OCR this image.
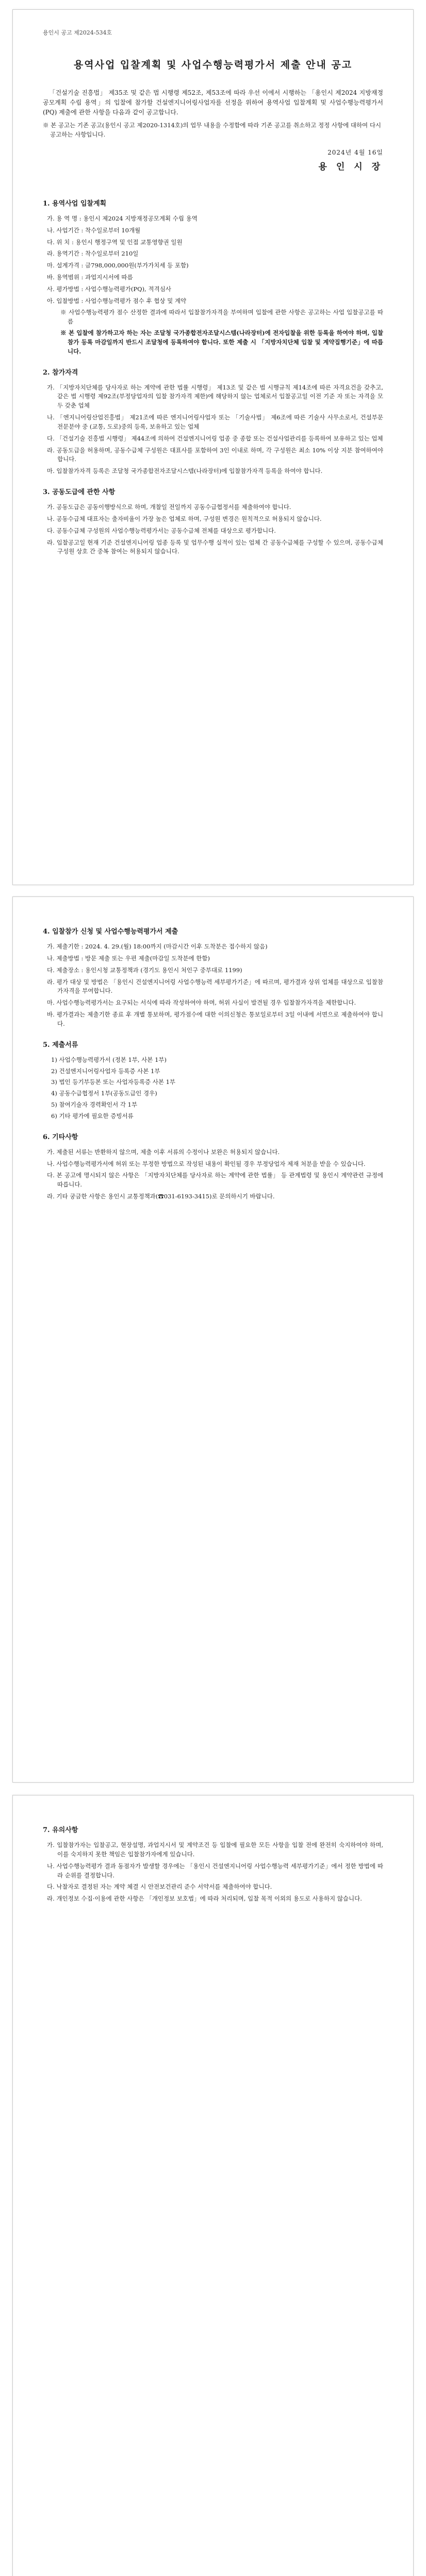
용인시 공고 제2024-534호
용역사업 입찰계획 및 사업수행능력평가서 제출 안내 공고

「건설기술 진흥법」 제35조 및 같은 법 시행령 제52조, 제53조에 따라 우선 이에서 시행하는 「용인시 제2024 지방재정공모계획 수립 용역」의 입찰에 참가할 건설엔지니어링사업자를 선정을 위하여 용역사업 입찰계획 및 사업수행능력평가서(PQ) 제출에 관한 사항을 다음과 같이 공고합니다.

※ 본 공고는 기존 공고(용인시 공고 제2020-1314호)의 업무 내용을 수정함에 따라 기존 공고를 취소하고 정정 사항에 대하여 다시 공고하는 사항입니다.

2024년 4월 16일
용 인 시 장
1. 용역사업 입찰계획
가. 용 역 명 : 용인시 제2024 지방재정공모계획 수립 용역
나. 사업기간 : 착수일로부터 10개월
다. 위 치 : 용인시 행정구역 및 인접 교통영향권 일원
라. 용역기간 : 착수일로부터 210일
마. 설계가격 : 금798,000,000원(부가가치세 등 포함)
바. 용역범위 : 과업지시서에 따름
사. 평가방법 : 사업수행능력평가(PQ), 적격심사
아. 입찰방법 : 사업수행능력평가 점수 후 협상 및 계약
※ 사업수행능력평가 점수 산정한 결과에 따라서 입찰참가자격을 부여하며 입찰에 관한 사항은 공고하는 사업 입찰공고를 따름
※ 본 입찰에 참가하고자 하는 자는 조달청 국가종합전자조달시스템(나라장터)에 전자입찰을 위한 등록을 하여야 하며, 입찰참가 등록 마감일까지 반드시 조달청에 등록하여야 합니다. 또한 제출 시 「지방자치단체 입찰 및 계약집행기준」에 따릅니다.
2. 참가자격
가. 「지방자치단체를 당사자로 하는 계약에 관한 법률 시행령」 제13조 및 같은 법 시행규칙 제14조에 따른 자격요건을 갖추고, 같은 법 시행령 제92조(부정당업자의 입찰 참가자격 제한)에 해당하지 않는 업체로서 입찰공고일 이전 기준 자 또는 자격을 모두 갖춘 업체
나. 「엔지니어링산업진흥법」 제21조에 따른 엔지니어링사업자 또는 「기술사법」 제6조에 따른 기술사 사무소로서, 건설부문 전문분야 중 (교통, 도로)중의 등록, 보유하고 있는 업체
다. 「건설기술 진흥법 시행령」 제44조에 의하여 건설엔지니어링 업종 중 종합 또는 건설사업관리를 등록하여 보유하고 있는 업체
라. 공동도급을 허용하며, 공동수급체 구성원은 대표사를 포함하여 3인 이내로 하며, 각 구성원은 최소 10% 이상 지분 참여하여야 합니다.
마. 입찰참가자격 등록은 조달청 국가종합전자조달시스템(나라장터)에 입찰참가자격 등록을 하여야 합니다.
3. 공동도급에 관한 사항
가. 공동도급은 공동이행방식으로 하며, 개찰일 전일까지 공동수급협정서를 제출하여야 합니다.
나. 공동수급체 대표자는 출자비율이 가장 높은 업체로 하며, 구성원 변경은 원칙적으로 허용되지 않습니다.
다. 공동수급체 구성원의 사업수행능력평가서는 공동수급체 전체를 대상으로 평가합니다.
라. 입찰공고일 현재 기준 건설엔지니어링 업종 등록 및 업무수행 실적이 있는 업체 간 공동수급체를 구성할 수 있으며, 공동수급체 구성원 상호 간 중복 참여는 허용되지 않습니다.
4. 입찰참가 신청 및 사업수행능력평가서 제출
가. 제출기한 : 2024. 4. 29.(월) 18:00까지 (마감시간 이후 도착분은 접수하지 않음)
나. 제출방법 : 방문 제출 또는 우편 제출(마감일 도착분에 한함)
다. 제출장소 : 용인시청 교통정책과 (경기도 용인시 처인구 중부대로 1199)
라. 평가 대상 및 방법은 「용인시 건설엔지니어링 사업수행능력 세부평가기준」에 따르며, 평가결과 상위 업체를 대상으로 입찰참가자격을 부여합니다.
마. 사업수행능력평가서는 요구되는 서식에 따라 작성하여야 하며, 허위 사실이 발견될 경우 입찰참가자격을 제한합니다.
바. 평가결과는 제출기한 종료 후 개별 통보하며, 평가점수에 대한 이의신청은 통보일로부터 3일 이내에 서면으로 제출하여야 합니다.
5. 제출서류
1) 사업수행능력평가서 (정본 1부, 사본 1부)
2) 건설엔지니어링사업자 등록증 사본 1부
3) 법인 등기부등본 또는 사업자등록증 사본 1부
4) 공동수급협정서 1부(공동도급인 경우)
5) 참여기술자 경력확인서 각 1부
6) 기타 평가에 필요한 증빙서류
6. 기타사항
가. 제출된 서류는 반환하지 않으며, 제출 이후 서류의 수정이나 보완은 허용되지 않습니다.
나. 사업수행능력평가서에 허위 또는 부정한 방법으로 작성된 내용이 확인될 경우 부정당업자 제재 처분을 받을 수 있습니다.
다. 본 공고에 명시되지 않은 사항은 「지방자치단체를 당사자로 하는 계약에 관한 법률」 등 관계법령 및 용인시 계약관련 규정에 따릅니다.
라. 기타 궁금한 사항은 용인시 교통정책과(☎031-6193-3415)로 문의하시기 바랍니다.
7. 유의사항
가. 입찰참가자는 입찰공고, 현장설명, 과업지시서 및 계약조건 등 입찰에 필요한 모든 사항을 입찰 전에 완전히 숙지하여야 하며, 이를 숙지하지 못한 책임은 입찰참가자에게 있습니다.
나. 사업수행능력평가 결과 동점자가 발생할 경우에는 「용인시 건설엔지니어링 사업수행능력 세부평가기준」에서 정한 방법에 따라 순위를 결정합니다.
다. 낙찰자로 결정된 자는 계약 체결 시 안전보건관리 준수 서약서를 제출하여야 합니다.
라. 개인정보 수집·이용에 관한 사항은 「개인정보 보호법」에 따라 처리되며, 입찰 목적 이외의 용도로 사용하지 않습니다.
